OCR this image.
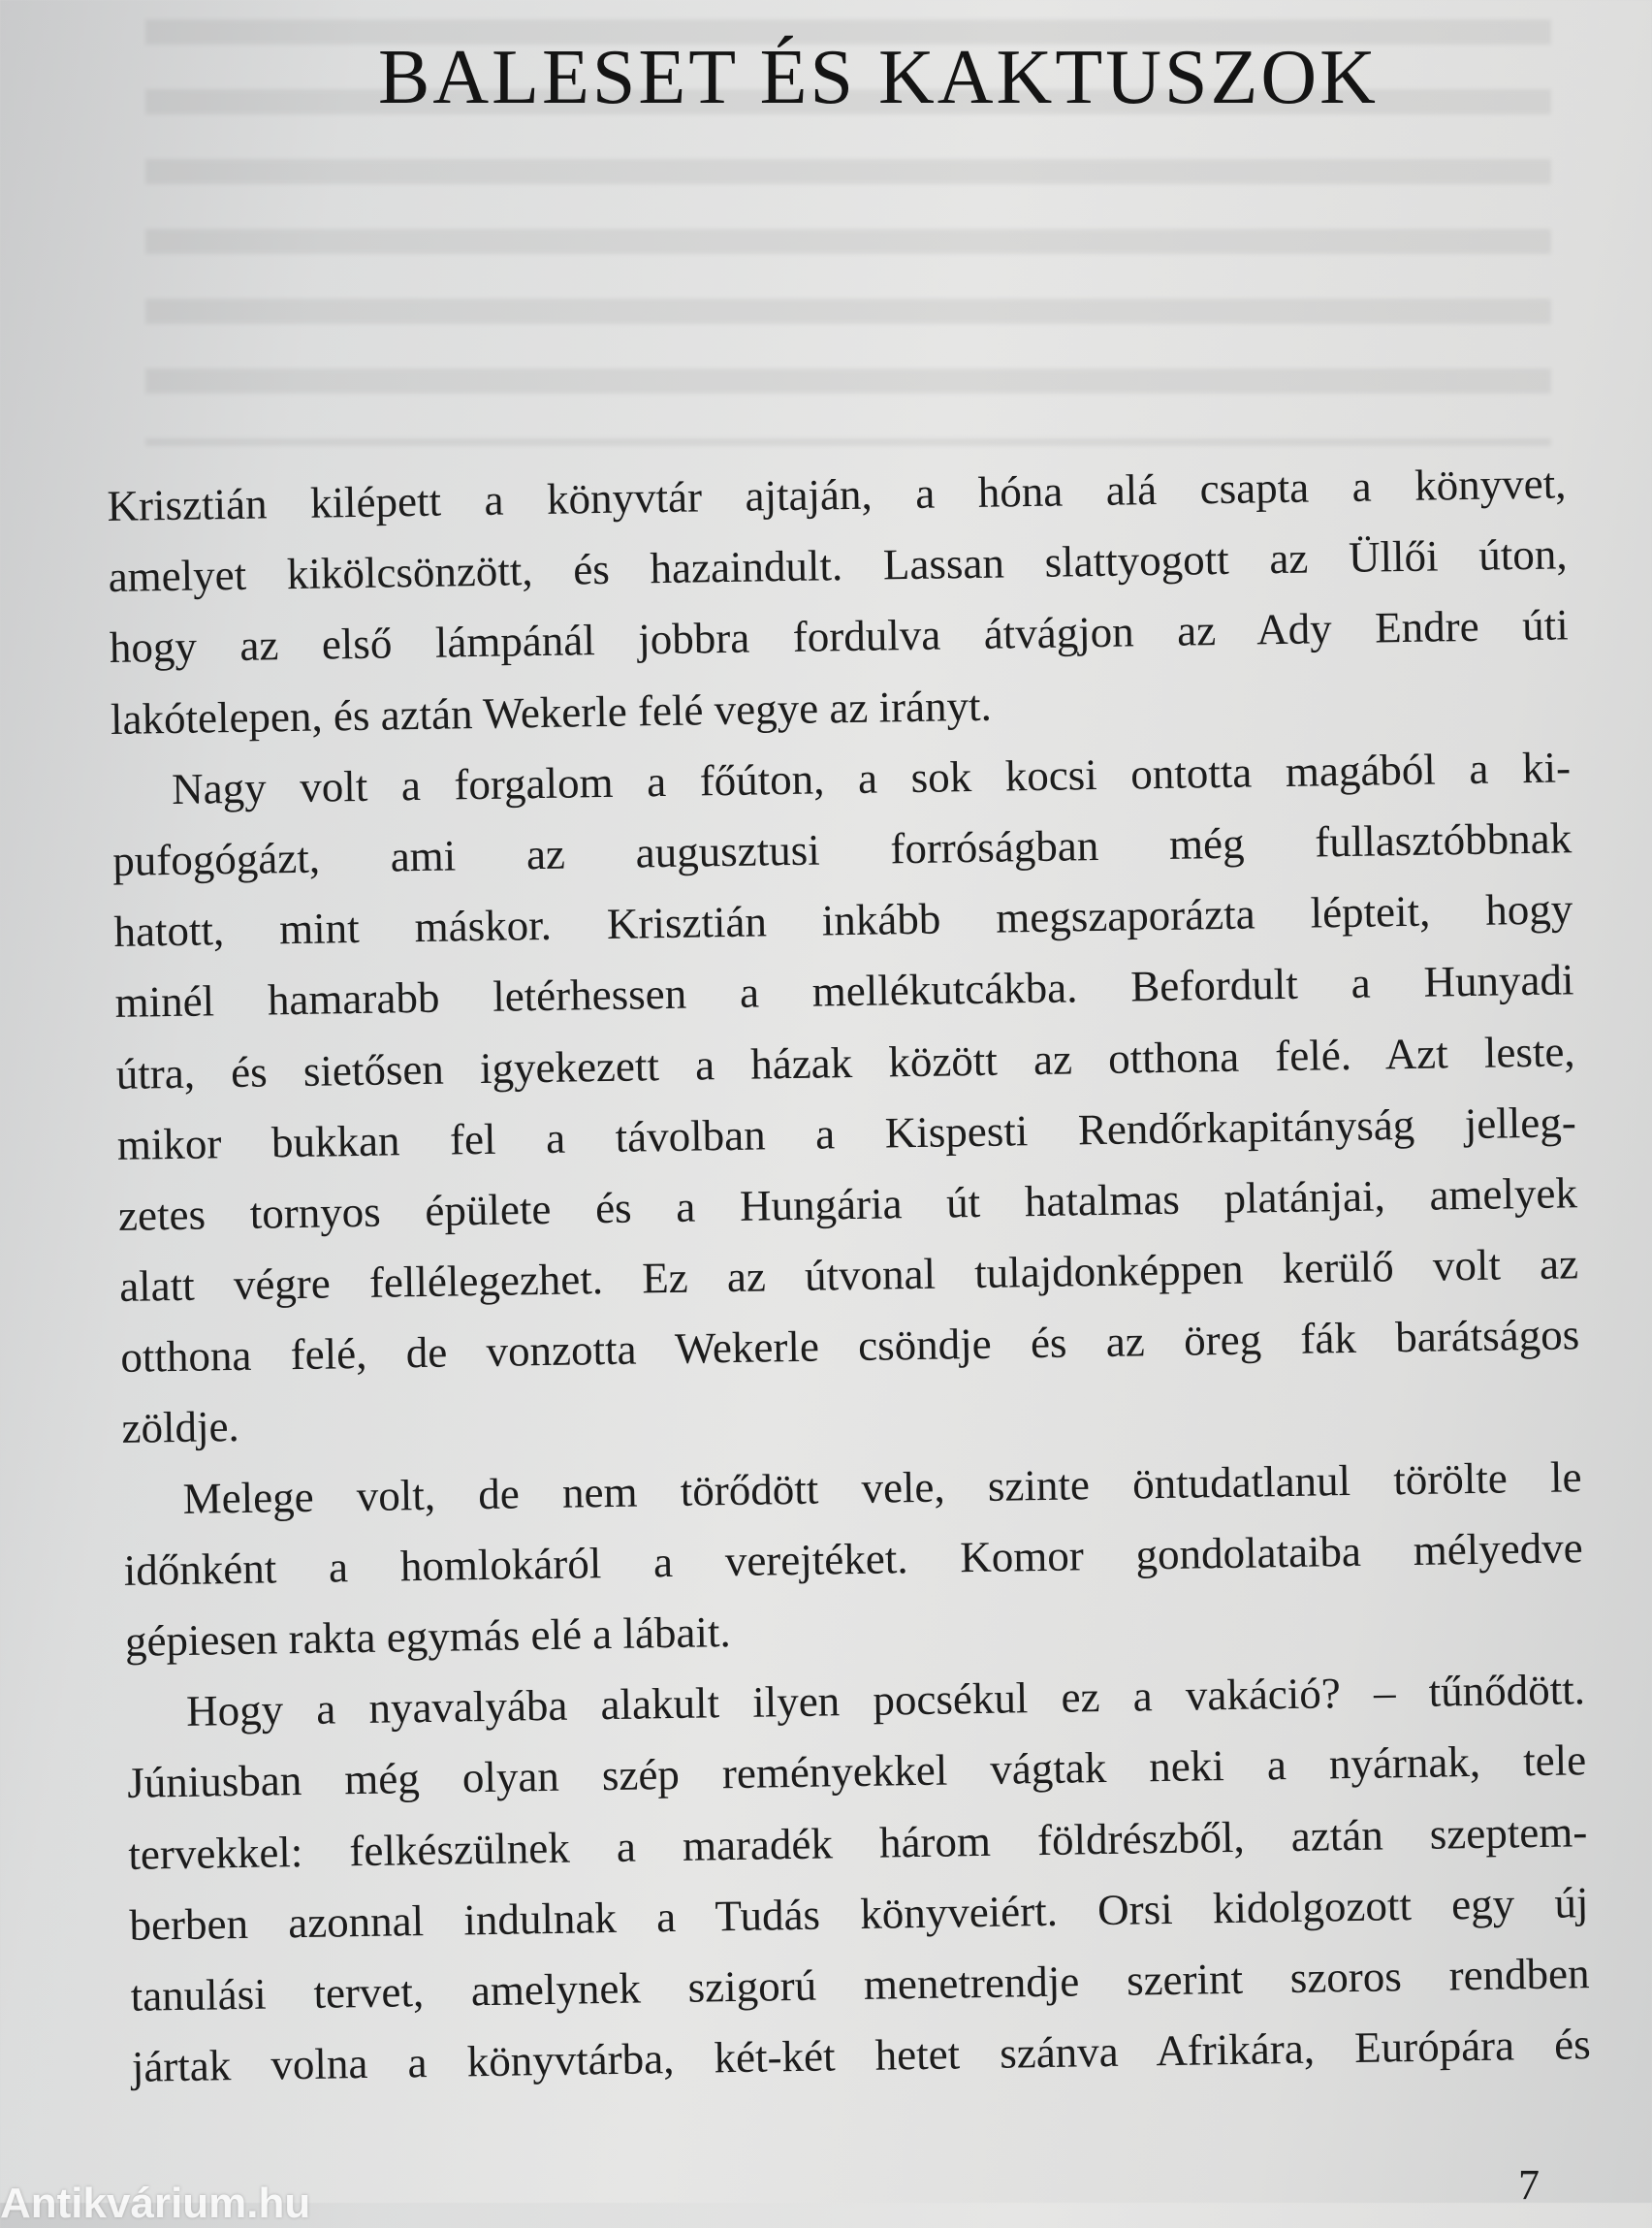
BALESET ÉS KAKTUSZOK
Krisztián kilépett a könyvtár ajtaján, a hóna alá csapta a könyvet,
amelyet kikölcsönzött, és hazaindult. Lassan slattyogott az Üllői úton,
hogy az első lámpánál jobbra fordulva átvágjon az Ady Endre úti
lakótelepen, és aztán Wekerle felé vegye az irányt.
Nagy volt a forgalom a főúton, a sok kocsi ontotta magából a ki-
pufogógázt, ami az augusztusi forróságban még fullasztóbbnak
hatott, mint máskor. Krisztián inkább megszaporázta lépteit, hogy
minél hamarabb letérhessen a mellékutcákba. Befordult a Hunyadi
útra, és sietősen igyekezett a házak között az otthona felé. Azt leste,
mikor bukkan fel a távolban a Kispesti Rendőrkapitányság jelleg-
zetes tornyos épülete és a Hungária út hatalmas platánjai, amelyek
alatt végre fellélegezhet. Ez az útvonal tulajdonképpen kerülő volt az
otthona felé, de vonzotta Wekerle csöndje és az öreg fák barátságos
zöldje.
Melege volt, de nem törődött vele, szinte öntudatlanul törölte le
időnként a homlokáról a verejtéket. Komor gondolataiba mélyedve
gépiesen rakta egymás elé a lábait.
Hogy a nyavalyába alakult ilyen pocsékul ez a vakáció? – tűnődött.
Júniusban még olyan szép reményekkel vágtak neki a nyárnak, tele
tervekkel: felkészülnek a maradék három földrészből, aztán szeptem-
berben azonnal indulnak a Tudás könyveiért. Orsi kidolgozott egy új
tanulási tervet, amelynek szigorú menetrendje szerint szoros rendben
jártak volna a könyvtárba, két-két hetet szánva Afrikára, Európára és
7
Antikvárium.hu
